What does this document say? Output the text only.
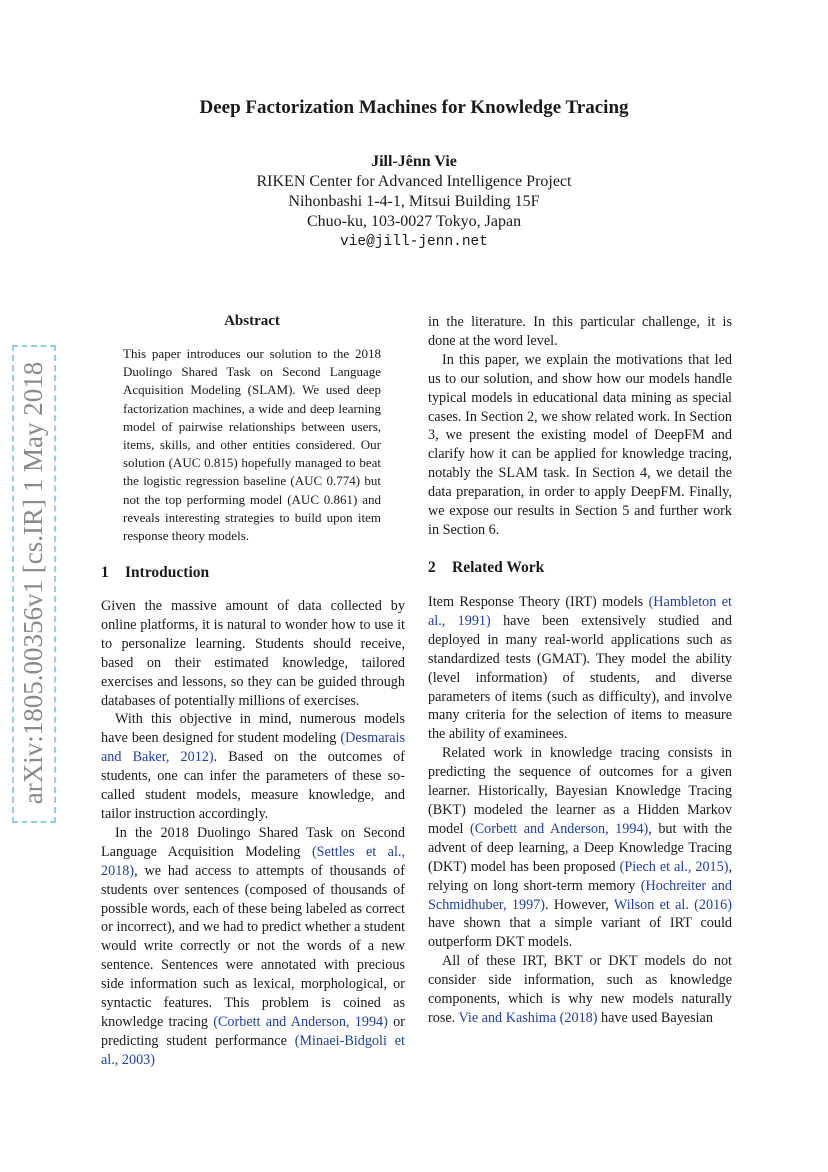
Deep Factorization Machines for Knowledge Tracing
Jill-Jênn Vie
RIKEN Center for Advanced Intelligence Project
Nihonbashi 1-4-1, Mitsui Building 15F
Chuo-ku, 103-0027 Tokyo, Japan
vie@jill-jenn.net
arXiv:1805.00356v1 [cs.IR] 1 May 2018
Abstract
This paper introduces our solution to the 2018 Duolingo Shared Task on Second Language Acquisition Modeling (SLAM). We used deep factorization machines, a wide and deep learning model of pairwise relationships between users, items, skills, and other entities considered. Our solution (AUC 0.815) hopefully managed to beat the logistic regression baseline (AUC 0.774) but not the top performing model (AUC 0.861) and reveals interesting strategies to build upon item response theory models.
1 Introduction

Given the massive amount of data collected by online platforms, it is natural to wonder how to use it to personalize learning. Students should receive, based on their estimated knowledge, tailored exercises and lessons, so they can be guided through databases of potentially millions of exercises.

With this objective in mind, numerous models have been designed for student modeling (Desmarais and Baker, 2012). Based on the outcomes of students, one can infer the parameters of these so-called student models, measure knowledge, and tailor instruction accordingly.

In the 2018 Duolingo Shared Task on Second Language Acquisition Modeling (Settles et al., 2018), we had access to attempts of thousands of students over sentences (composed of thousands of possible words, each of these being labeled as correct or incorrect), and we had to predict whether a student would write correctly or not the words of a new sentence. Sentences were annotated with precious side information such as lexical, morphological, or syntactic features. This problem is coined as knowledge tracing (Corbett and Anderson, 1994) or predicting student performance (Minaei-Bidgoli et al., 2003)

in the literature. In this particular challenge, it is done at the word level.

In this paper, we explain the motivations that led us to our solution, and show how our models handle typical models in educational data mining as special cases. In Section 2, we show related work. In Section 3, we present the existing model of DeepFM and clarify how it can be applied for knowledge tracing, notably the SLAM task. In Section 4, we detail the data preparation, in order to apply DeepFM. Finally, we expose our results in Section 5 and further work in Section 6.

2 Related Work

Item Response Theory (IRT) models (Hambleton et al., 1991) have been extensively studied and deployed in many real-world applications such as standardized tests (GMAT). They model the ability (level information) of students, and diverse parameters of items (such as difficulty), and involve many criteria for the selection of items to measure the ability of examinees.

Related work in knowledge tracing consists in predicting the sequence of outcomes for a given learner. Historically, Bayesian Knowledge Tracing (BKT) modeled the learner as a Hidden Markov model (Corbett and Anderson, 1994), but with the advent of deep learning, a Deep Knowledge Tracing (DKT) model has been proposed (Piech et al., 2015), relying on long short-term memory (Hochreiter and Schmidhuber, 1997). However, Wilson et al. (2016) have shown that a simple variant of IRT could outperform DKT models.

All of these IRT, BKT or DKT models do not consider side information, such as knowledge components, which is why new models naturally rose. Vie and Kashima (2018) have used Bayesian
